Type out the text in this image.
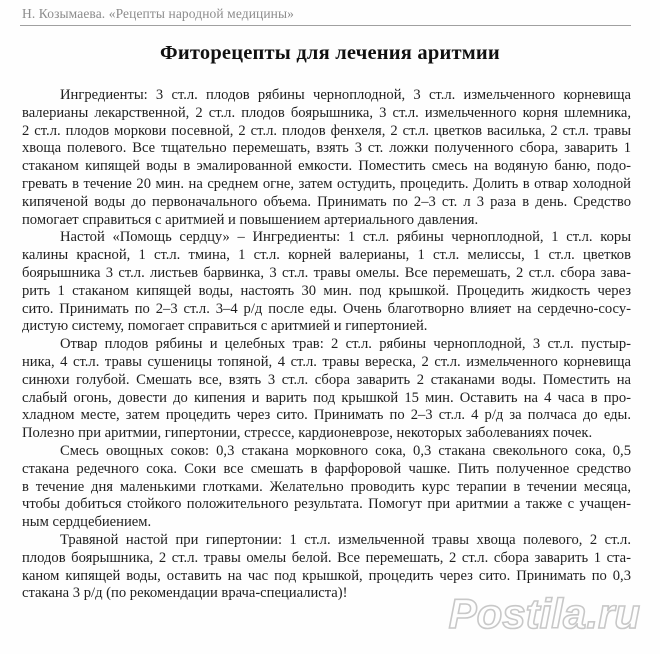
Н. Козымаева. «Рецепты народной медицины»
Фиторецепты для лечения аритмии

Ингредиенты: 3 ст.л. плодов рябины черноплодной, 3 ст.л. измельченного корневища
валерианы лекарственной, 2 ст.л. плодов боярышника, 3 ст.л. измельченного корня шлемника,
2 ст.л. плодов моркови посевной, 2 ст.л. плодов фенхеля, 2 ст.л. цветков василька, 2 ст.л. травы
хвоща полевого. Все тщательно перемешать, взять 3 ст. ложки полученного сбора, заварить 1
стаканом кипящей воды в эмалированной емкости. Поместить смесь на водяную баню, подо-
гревать в течение 20 мин. на среднем огне, затем остудить, процедить. Долить в отвар холодной
кипяченой воды до первоначального объема. Принимать по 2–3 ст. л 3 раза в день. Средство
помогает справиться с аритмией и повышением артериального давления.

Настой «Помощь сердцу» – Ингредиенты: 1 ст.л. рябины черноплодной, 1 ст.л. коры
калины красной, 1 ст.л. тмина, 1 ст.л. корней валерианы, 1 ст.л. мелиссы, 1 ст.л. цветков
боярышника 3 ст.л. листьев барвинка, 3 ст.л. травы омелы. Все перемешать, 2 ст.л. сбора зава-
рить 1 стаканом кипящей воды, настоять 30 мин. под крышкой. Процедить жидкость через
сито. Принимать по 2–3 ст.л. 3–4 р/д после еды. Очень благотворно влияет на сердечно-сосу-
дистую систему, помогает справиться с аритмией и гипертонией.

Отвар плодов рябины и целебных трав: 2 ст.л. рябины черноплодной, 3 ст.л. пустыр-
ника, 4 ст.л. травы сушеницы топяной, 4 ст.л. травы вереска, 2 ст.л. измельченного корневища
синюхи голубой. Смешать все, взять 3 ст.л. сбора заварить 2 стаканами воды. Поместить на
слабый огонь, довести до кипения и варить под крышкой 15 мин. Оставить на 4 часа в про-
хладном месте, затем процедить через сито. Принимать по 2–3 ст.л. 4 р/д за полчаса до еды.
Полезно при аритмии, гипертонии, стрессе, кардионеврозе, некоторых заболеваниях почек.

Смесь овощных соков: 0,3 стакана морковного сока, 0,3 стакана свекольного сока, 0,5
стакана редечного сока. Соки все смешать в фарфоровой чашке. Пить полученное средство
в течение дня маленькими глотками. Желательно проводить курс терапии в течении месяца,
чтобы добиться стойкого положительного результата. Помогут при аритмии а также с учащен-
ным сердцебиением.

Травяной настой при гипертонии: 1 ст.л. измельченной травы хвоща полевого, 2 ст.л.
плодов боярышника, 2 ст.л. травы омелы белой. Все перемешать, 2 ст.л. сбора заварить 1 ста-
каном кипящей воды, оставить на час под крышкой, процедить через сито. Принимать по 0,3
стакана 3 р/д (по рекомендации врача-специалиста)!	Postila.ru
